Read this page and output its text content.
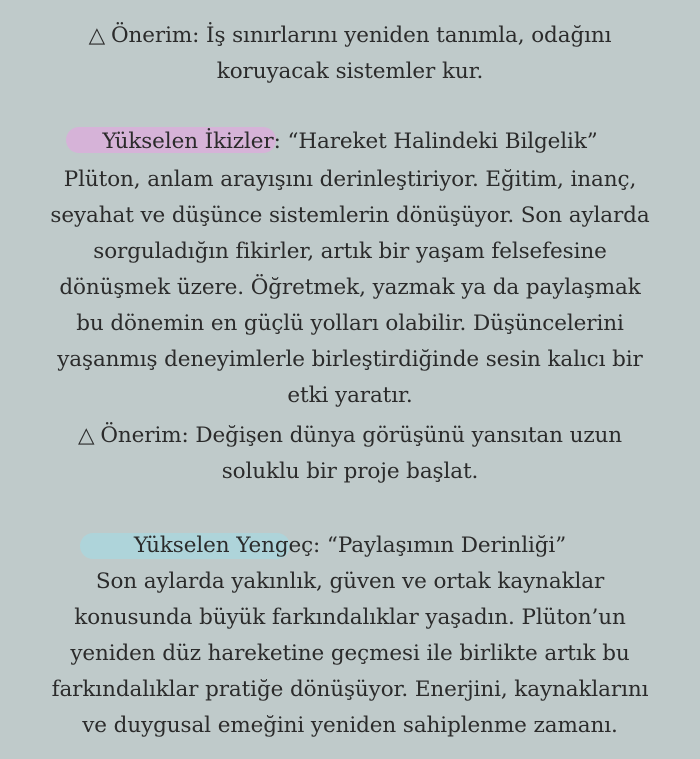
△ Önerim: İş sınırlarını yeniden tanımla, odağını
koruyacak sistemler kur.
Yükselen İkizler: “Hareket Halindeki Bilgelik”
Plüton, anlam arayışını derinleştiriyor. Eğitim, inanç,
seyahat ve düşünce sistemlerin dönüşüyor. Son aylarda
sorguladığın fikirler, artık bir yaşam felsefesine
dönüşmek üzere. Öğretmek, yazmak ya da paylaşmak
bu dönemin en güçlü yolları olabilir. Düşüncelerini
yaşanmış deneyimlerle birleştirdiğinde sesin kalıcı bir
etki yaratır.
△ Önerim: Değişen dünya görüşünü yansıtan uzun
soluklu bir proje başlat.
Yükselen Yengeç: “Paylaşımın Derinliği”
Son aylarda yakınlık, güven ve ortak kaynaklar
konusunda büyük farkındalıklar yaşadın. Plüton’un
yeniden düz hareketine geçmesi ile birlikte artık bu
farkındalıklar pratiğe dönüşüyor. Enerjini, kaynaklarını
ve duygusal emeğini yeniden sahiplenme zamanı.
